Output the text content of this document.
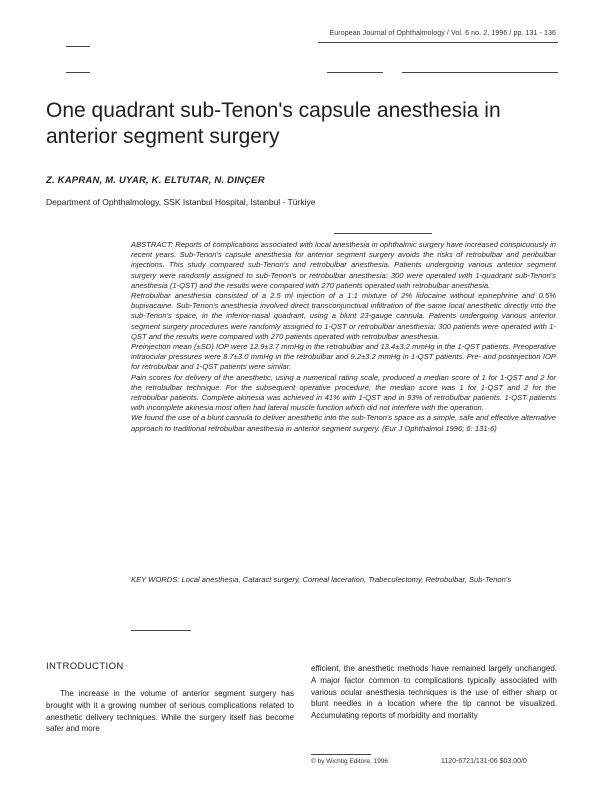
European Journal of Ophthalmology / Vol. 6 no. 2, 1996 / pp. 131 - 136
One quadrant sub-Tenon's capsule anesthesia in anterior segment surgery
Z. KAPRAN, M. UYAR, K. ELTUTAR, N. DINÇER
Department of Ophthalmology, SSK Istanbul Hospital, Istanbul - Türkiye

ABSTRACT: Reports of complications associated with local anesthesia in ophthalmic surgery have increased conspicuously in recent years. Sub-Tenon's capsule anesthesia for anterior segment surgery avoids the risks of retrobulbar and peribulbar injections. This study compared sub-Tenon's and retrobulbar anesthesia. Patients undergoing various anterior segment surgery were randomly assigned to sub-Tenon's or retrobulbar anesthesia: 300 were operated with 1-quadrant sub-Tenon's anesthesia (1-QST) and the results were compared with 270 patients operated with retrobulbar anesthesia.

Retrobulbar anesthesia consisted of a 2.5 ml injection of a 1:1 mixture of 2% lidocaine without epinephrine and 0.5% bupivacaine. Sub-Tenon's anesthesia involved direct transconjunctival infiltration of the same local anesthetic directly into the sub-Tenon's space, in the inferior-nasal quadrant, using a blunt 23-gauge cannula. Patients undergoing various anterior segment surgery procedures were randomly assigned to 1-QST or retrobulbar anesthesia: 300 patients were operated with 1-QST and the results were compared with 270 patients operated with retrobulbar anesthesia.

Preinjection mean (±SD) IOP were 12.9±3.7 mmHg in the retrobulbar and 13.4±3.2 mmHg in the 1-QST patients. Preoperative intraocular pressures were 8.7±3.0 mmHg in the retrobulbar and 9.2±3.2 mmHg in 1-QST patients. Pre- and postinjection IOP for retrobulbar and 1-QST patients were similar.

Pain scores for delivery of the anesthetic, using a numerical rating scale, produced a median score of 1 for 1-QST and 2 for the retrobulbar technique. For the subsequent operative procedure, the median score was 1 for 1-QST and 2 for the retrobulbar patients. Complete akinesia was achieved in 41% with 1-QST and in 93% of retrobulbar patients. 1-QST patients with incomplete akinesia most often had lateral muscle function which did not interfere with the operation.

We found the use of a blunt cannula to deliver anesthetic into the sub-Tenon's space as a simple, safe and effective alternative approach to traditional retrobulbar anesthesia in anterior segment surgery. (Eur J Ophthalmol 1996; 6: 131-6)

KEY WORDS: Local anesthesia, Cataract surgery, Corneal laceration, Trabeculectomy, Retrobulbar, Sub-Tenon's
INTRODUCTION
The increase in the volume of anterior segment surgery has brought with it a growing number of serious complications related to anesthetic delivery techniques. While the surgery itself has become safer and more
efficient, the anesthetic methods have remained largely unchanged. A major factor common to complications typically associated with various ocular anesthesia techniques is the use of either sharp or blunt needles in a location where the tip cannot be visualized. Accumulating reports of morbidity and mortality
© by Wichtig Editore, 1996	1120-6721/131-06 $03.00/0
